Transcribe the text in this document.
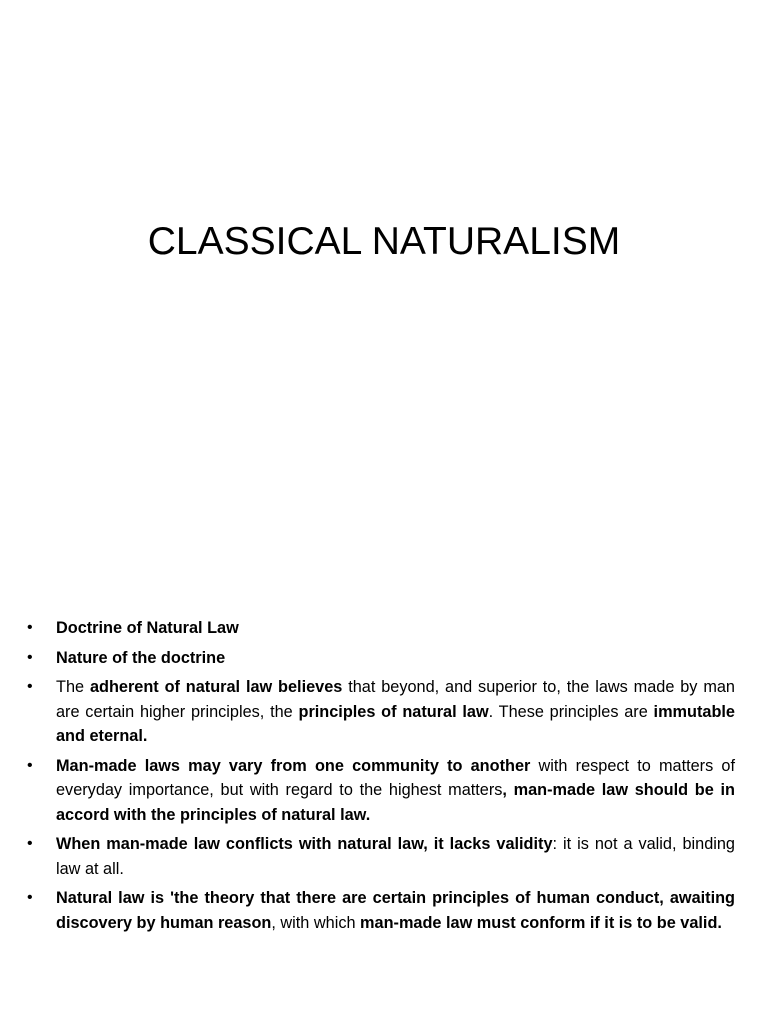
CLASSICAL NATURALISM
• Doctrine of Natural Law
• Nature of the doctrine
• The adherent of natural law believes that beyond, and superior to, the laws made by man are certain higher principles, the principles of natural law. These principles are immutable and eternal.
• Man-made laws may vary from one community to another with respect to matters of everyday importance, but with regard to the highest matters, man-made law should be in accord with the principles of natural law.
• When man-made law conflicts with natural law, it lacks validity: it is not a valid, binding law at all.
• Natural law is 'the theory that there are certain principles of human conduct, awaiting discovery by human reason, with which man-made law must conform if it is to be valid.
